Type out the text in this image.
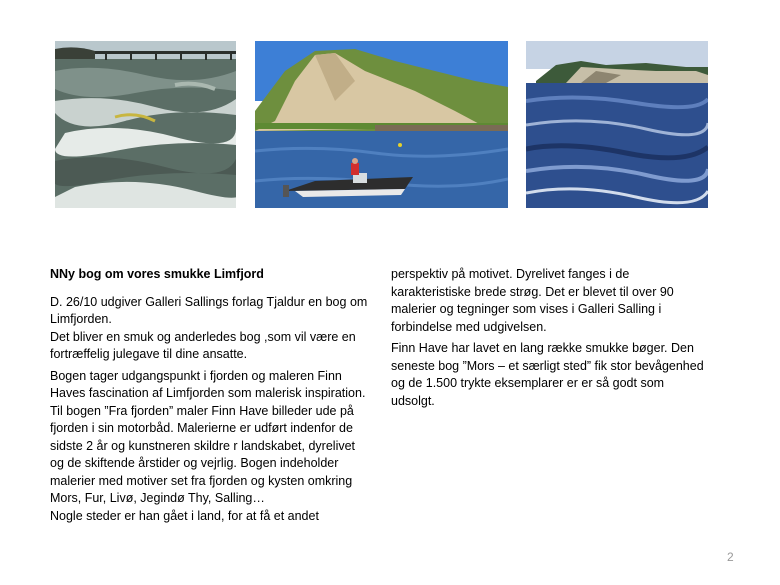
NNy bog om vores smukke Limfjord
D. 26/10 udgiver Galleri Sallings forlag Tjaldur en bog om
Limfjorden.
Det bliver en smuk og anderledes bog ,som vil være en
fortræffelig julegave til dine ansatte.
Bogen tager udgangspunkt i fjorden og maleren Finn
Haves fascination af Limfjorden som malerisk inspiration.
Til bogen ”Fra fjorden” maler Finn Have billeder ude på
fjorden i sin motorbåd. Malerierne er udført indenfor de
sidste 2 år og kunstneren skildre r landskabet, dyrelivet
og de skiftende årstider og vejrlig. Bogen indeholder
malerier med motiver set fra fjorden og kysten omkring
Mors, Fur, Livø, Jegindø Thy, Salling…
Nogle steder er han gået i land, for at få et andet
perspektiv på motivet. Dyrelivet fanges i de
karakteristiske brede strøg. Det er blevet til over 90
malerier og tegninger som vises i Galleri Salling i
forbindelse med udgivelsen.
Finn Have har lavet en lang række smukke bøger. Den
seneste bog ”Mors – et særligt sted” fik stor bevågenhed
og de 1.500 trykte eksemplarer er er så godt som
udsolgt.
2
